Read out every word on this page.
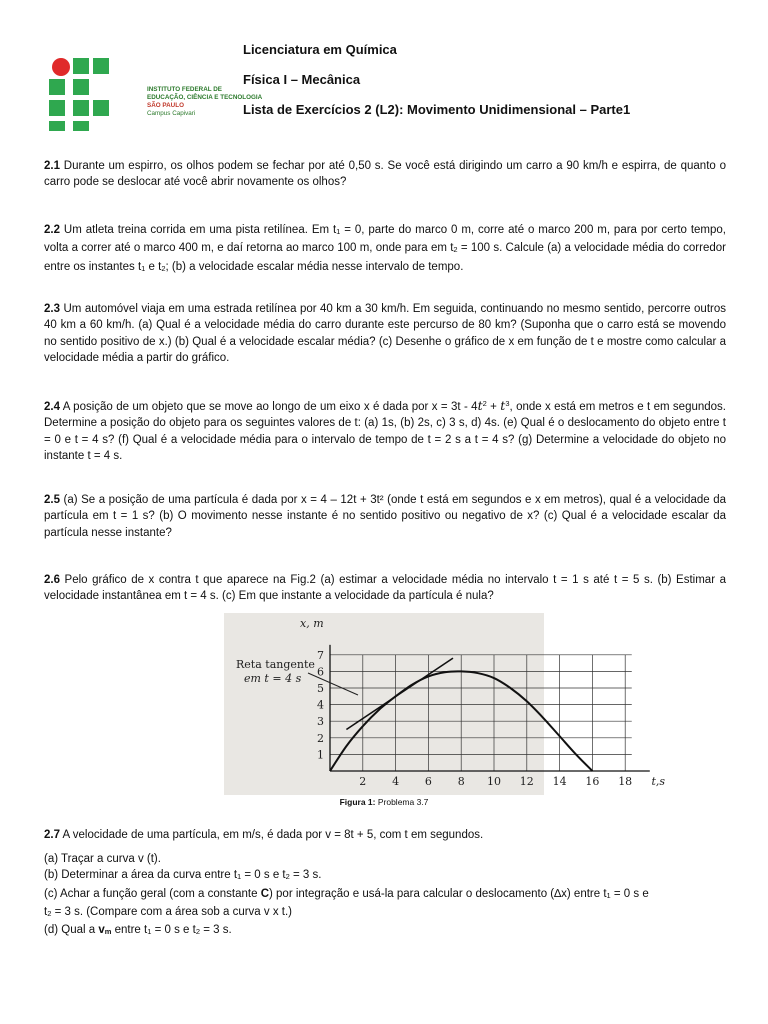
INSTITUTO FEDERAL DE
EDUCAÇÃO, CIÊNCIA E TECNOLOGIA
SÃO PAULO
Campus Capivari
Licenciatura em Química
Física I – Mecânica
Lista de Exercícios 2 (L2): Movimento Unidimensional – Parte1
2.1 Durante um espirro, os olhos podem se fechar por até 0,50 s. Se você está dirigindo um carro a 90 km/h e espirra, de quanto o carro pode se deslocar até você abrir novamente os olhos?
2.2 Um atleta treina corrida em uma pista retilínea. Em $t_1 = 0$, parte do marco 0 m, corre até o marco 200 m, para por certo tempo, volta a correr até o marco 400 m, e daí retorna ao marco 100 m, onde para em $t_2 = 100$ s. Calcule (a) a velocidade média do corredor entre os instantes $t_1$ e $t_2$; (b) a velocidade escalar média nesse intervalo de tempo.
2.3 Um automóvel viaja em uma estrada retilínea por 40 km a 30 km/h. Em seguida, continuando no mesmo sentido, percorre outros 40 km a 60 km/h. (a) Qual é a velocidade média do carro durante este percurso de 80 km? (Suponha que o carro está se movendo no sentido positivo de x.) (b) Qual é a velocidade escalar média? (c) Desenhe o gráfico de x em função de t e mostre como calcular a velocidade média a partir do gráfico.
2.4 A posição de um objeto que se move ao longo de um eixo x é dada por $x = 3t - 4t^2 + t^3$, onde x está em metros e t em segundos. Determine a posição do objeto para os seguintes valores de t: (a) 1s, (b) 2s, c) 3 s, d) 4s. (e) Qual é o deslocamento do objeto entre t = 0 e t = 4 s? (f) Qual é a velocidade média para o intervalo de tempo de t = 2 s a t = 4 s? (g) Determine a velocidade do objeto no instante t = 4 s.
2.5 (a) Se a posição de uma partícula é dada por x = 4 – 12t + 3t² (onde t está em segundos e x em metros), qual é a velocidade da partícula em t = 1 s? (b) O movimento nesse instante é no sentido positivo ou negativo de x? (c) Qual é a velocidade escalar da partícula nesse instante?
2.6 Pelo gráfico de x contra t que aparece na Fig.2 (a) estimar a velocidade média no intervalo t = 1 s até t = 5 s. (b) Estimar a velocidade instantânea em t = 4 s. (c) Em que instante a velocidade da partícula é nula?
2 4 6 8 10 12 14 16 18
1
2
3
4
5
6
7
x, m
t,s
Reta tangente
em t = 4 s
Figura 1: Problema 3.7
2.7 A velocidade de uma partícula, em m/s, é dada por v = 8t + 5, com t em segundos.
(a) Traçar a curva v (t).
(b) Determinar a área da curva entre $t_1 = 0$ s e $t_2 = 3$ s.
(c) Achar a função geral (com a constante C) por integração e usá-la para calcular o deslocamento (∆x) entre $t_1 = 0$ s e
$t_2 = 3$ s. (Compare com a área sob a curva v x t.)
(d) Qual a $v_m$ entre $t_1 = 0$ s e $t_2 = 3$ s.
